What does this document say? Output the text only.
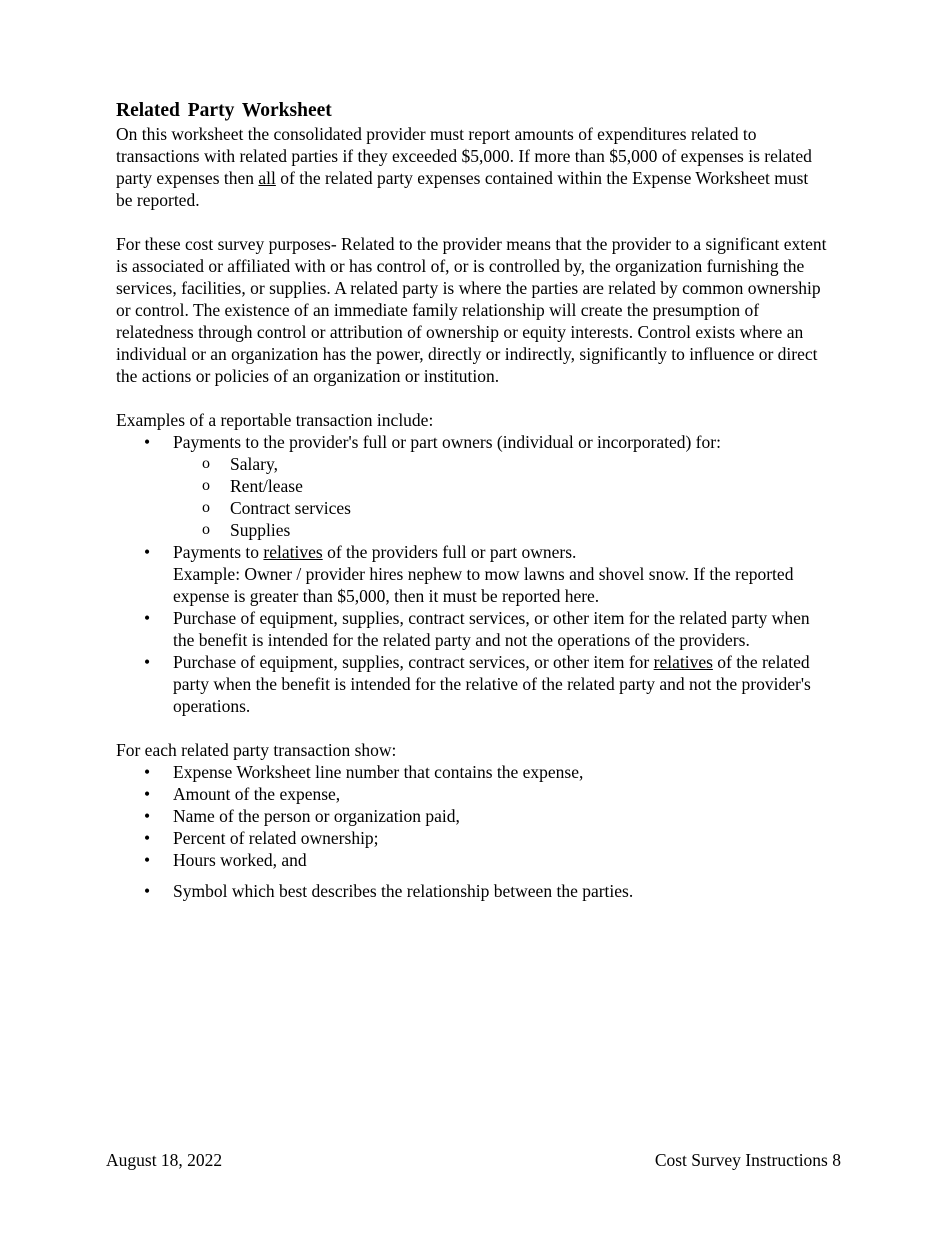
Related Party Worksheet

On this worksheet the consolidated provider must report amounts of expenditures related to transactions with related parties if they exceeded $5,000. If more than $5,000 of expenses is related party expenses then all of the related party expenses contained within the Expense Worksheet must be reported.

For these cost survey purposes- Related to the provider means that the provider to a significant extent is associated or affiliated with or has control of, or is controlled by, the organization furnishing the services, facilities, or supplies. A related party is where the parties are related by common ownership or control. The existence of an immediate family relationship will create the presumption of relatedness through control or attribution of ownership or equity interests. Control exists where an individual or an organization has the power, directly or indirectly, significantly to influence or direct the actions or policies of an organization or institution.

Examples of a reportable transaction include:

• Payments to the provider's full or part owners (individual or incorporated) for:
o Salary,
o Rent/lease
o Contract services
o Supplies
• Payments to relatives of the providers full or part owners.
Example: Owner / provider hires nephew to mow lawns and shovel snow. If the reported expense is greater than $5,000, then it must be reported here.
• Purchase of equipment, supplies, contract services, or other item for the related party when the benefit is intended for the related party and not the operations of the providers.
• Purchase of equipment, supplies, contract services, or other item for relatives of the related party when the benefit is intended for the relative of the related party and not the provider's operations.

For each related party transaction show:

• Expense Worksheet line number that contains the expense,
• Amount of the expense,
• Name of the person or organization paid,
• Percent of related ownership;
• Hours worked, and
• Symbol which best describes the relationship between the parties.
August 18, 2022	Cost Survey Instructions 8
